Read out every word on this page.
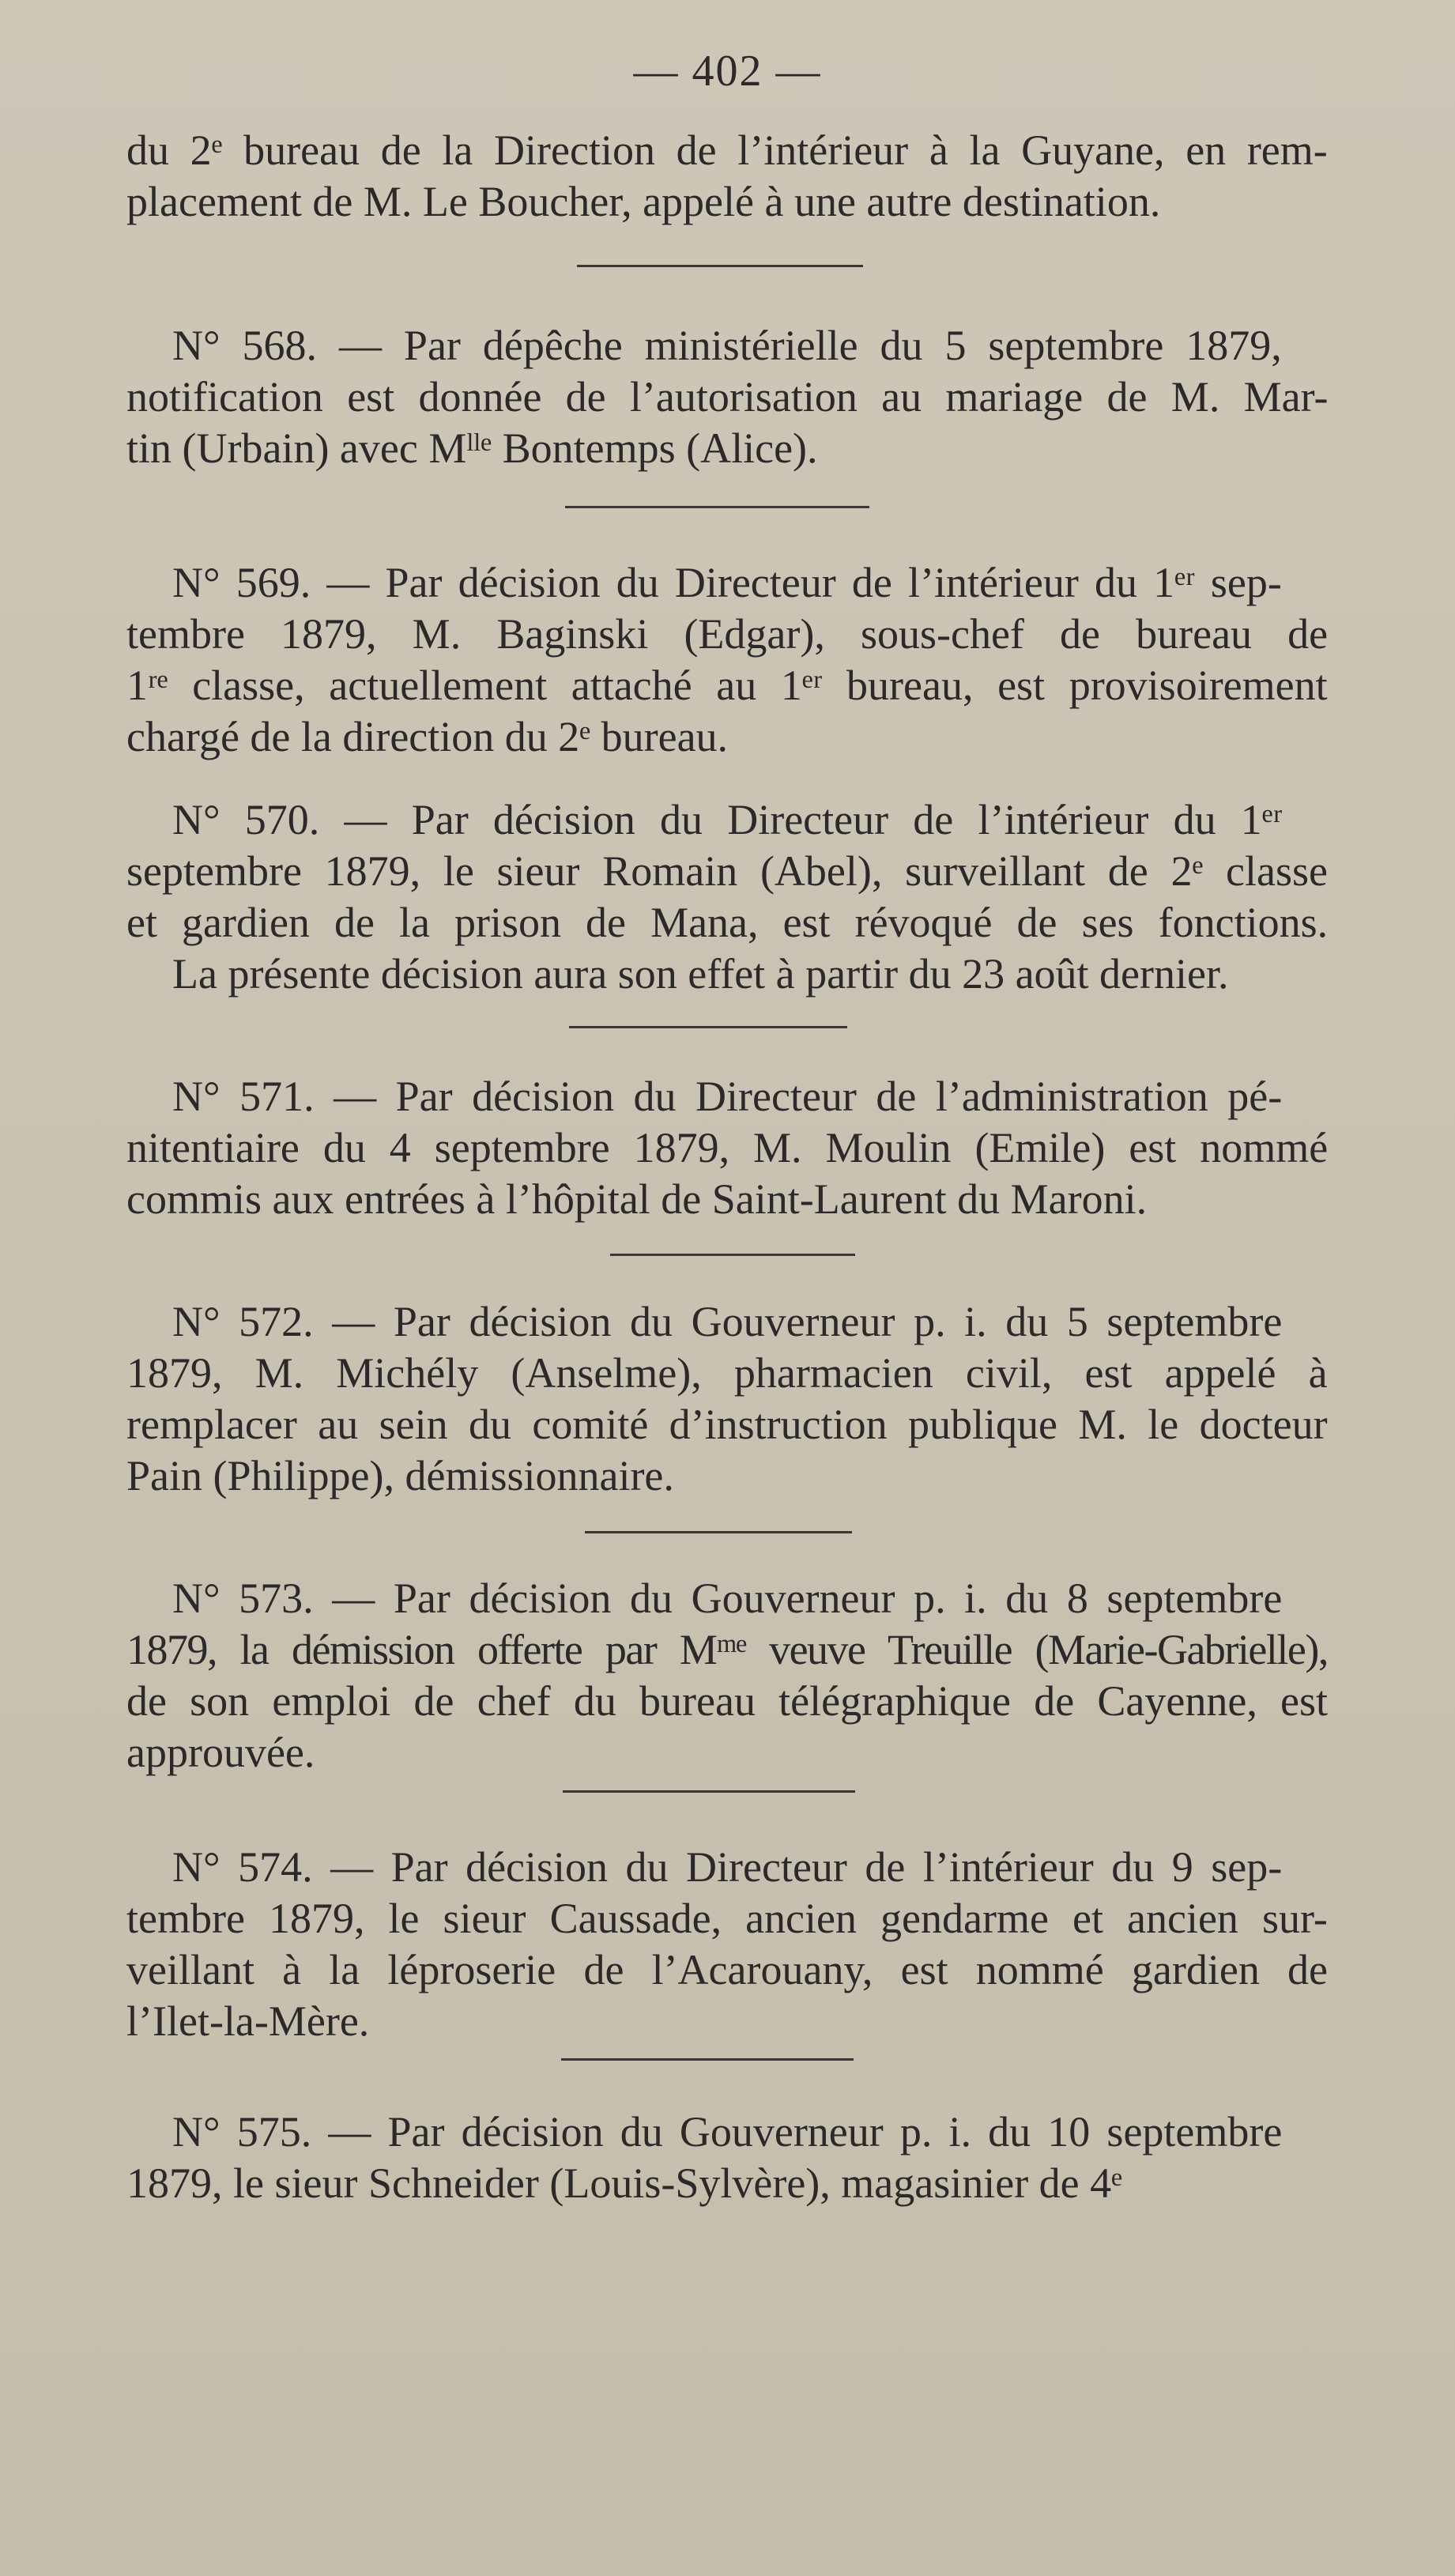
— 402 —

du 2ᵉ bureau de la Direction de l’intérieur à la Guyane, en rem-
placement de M. Le Boucher, appelé à une autre destination.

N° 568. — Par dépêche ministérielle du 5 septembre 1879,
notification est donnée de l’autorisation au mariage de M. Mar-
tin (Urbain) avec Mˡˡᵉ Bontemps (Alice).

N° 569. — Par décision du Directeur de l’intérieur du 1ᵉʳ sep-
tembre 1879, M. Baginski (Edgar), sous-chef de bureau de
1ʳᵉ classe, actuellement attaché au 1ᵉʳ bureau, est provisoirement
chargé de la direction du 2ᵉ bureau.

N° 570. — Par décision du Directeur de l’intérieur du 1ᵉʳ
septembre 1879, le sieur Romain (Abel), surveillant de 2ᵉ classe
et gardien de la prison de Mana, est révoqué de ses fonctions.
La présente décision aura son effet à partir du 23 août dernier.

N° 571. — Par décision du Directeur de l’administration pé-
nitentiaire du 4 septembre 1879, M. Moulin (Emile) est nommé
commis aux entrées à l’hôpital de Saint-Laurent du Maroni.

N° 572. — Par décision du Gouverneur p. i. du 5 septembre
1879, M. Michély (Anselme), pharmacien civil, est appelé à
remplacer au sein du comité d’instruction publique M. le docteur
Pain (Philippe), démissionnaire.

N° 573. — Par décision du Gouverneur p. i. du 8 septembre
1879, la démission offerte par Mᵐᵉ veuve Treuille (Marie-Gabrielle),
de son emploi de chef du bureau télégraphique de Cayenne, est
approuvée.

N° 574. — Par décision du Directeur de l’intérieur du 9 sep-
tembre 1879, le sieur Caussade, ancien gendarme et ancien sur-
veillant à la léproserie de l’Acarouany, est nommé gardien de
l’Ilet-la-Mère.

N° 575. — Par décision du Gouverneur p. i. du 10 septembre
1879, le sieur Schneider (Louis-Sylvère), magasinier de 4ᵉ
